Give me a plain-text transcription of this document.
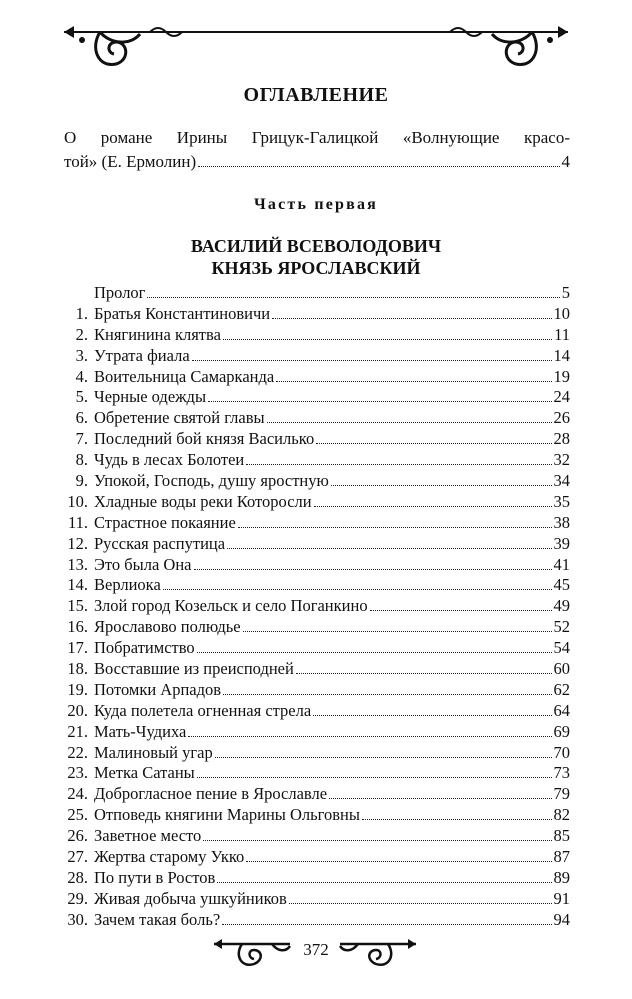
ОГЛАВЛЕНИЕ
О романе Ирины Грицук-Галицкой «Волнующие красо-
той» (Е. Ермолин)	4
Часть первая
ВАСИЛИЙ ВСЕВОЛОДОВИЧ
КНЯЗЬ ЯРОСЛАВСКИЙ
Пролог	5
1. Братья Константиновичи	10
2. Княгинина клятва	11
3. Утрата фиала	14
4. Воительница Самарканда	19
5. Черные одежды	24
6. Обретение святой главы	26
7. Последний бой князя Василько	28
8. Чудь в лесах Болотеи	32
9. Упокой, Господь, душу яростную	34
10. Хладные воды реки Которосли	35
11. Страстное покаяние	38
12. Русская распутица	39
13. Это была Она	41
14. Верлиока	45
15. Злой город Козельск и село Поганкино	49
16. Ярославово полюдье	52
17. Побратимство	54
18. Восставшие из преисподней	60
19. Потомки Арпадов	62
20. Куда полетела огненная стрела	64
21. Мать-Чудиха	69
22. Малиновый угар	70
23. Метка Сатаны	73
24. Доброгласное пение в Ярославле	79
25. Отповедь княгини Марины Ольговны	82
26. Заветное место	85
27. Жертва старому Укко	87
28. По пути в Ростов	89
29. Живая добыча ушкуйников	91
30. Зачем такая боль?	94
372
